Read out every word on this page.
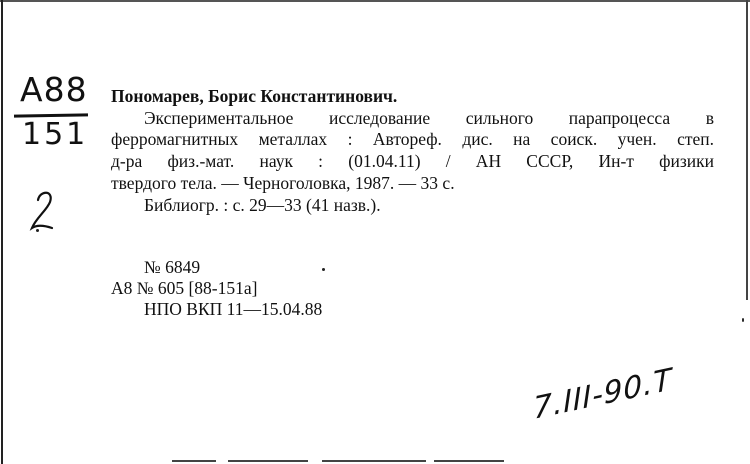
А88
151
Пономарев, Борис Константинович.
Экспериментальное исследование сильного парапроцесса в
ферромагнитных металлах : Автореф. дис. на соиск. учен. степ.
д-ра физ.-мат. наук : (01.04.11) / АН СССР, Ин-т физики
твердого тела. — Черноголовка, 1987. — 33 с.
Библиогр. : с. 29—33 (41 назв.).
№ 6849
А8 № 605 [88-151а]
НПО ВКП 11—15.04.88
7.III-90.Т
